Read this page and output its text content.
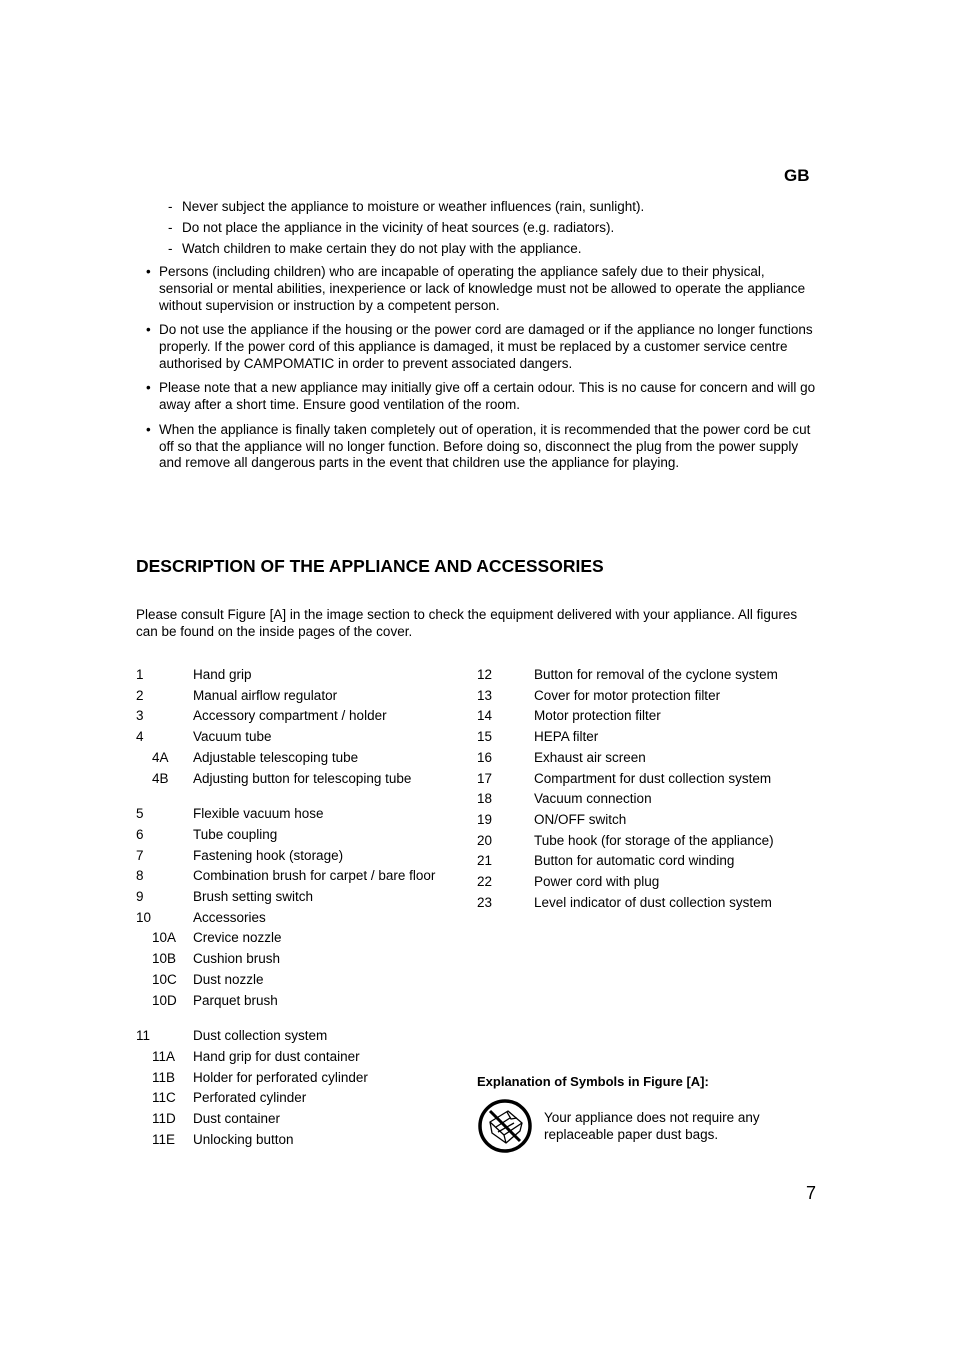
GB
- Never subject the appliance to moisture or weather influences (rain, sunlight).
- Do not place the appliance in the vicinity of heat sources (e.g. radiators).
- Watch children to make certain they do not play with the appliance.
• Persons (including children) who are incapable of operating the appliance safely due to their physical, sensorial or mental abilities, inexperience or lack of knowledge must not be allowed to operate the appliance without supervision or instruction by a competent person.
• Do not use the appliance if the housing or the power cord are damaged or if the appliance no longer functions properly. If the power cord of this appliance is damaged, it must be replaced by a customer service centre authorised by CAMPOMATIC in order to prevent associated dangers.
• Please note that a new appliance may initially give off a certain odour. This is no cause for concern and will go away after a short time. Ensure good ventilation of the room.
• When the appliance is finally taken completely out of operation, it is recommended that the power cord be cut off so that the appliance will no longer function. Before doing so, disconnect the plug from the power supply and remove all dangerous parts in the event that children use the appliance for playing.
DESCRIPTION OF THE APPLIANCE AND ACCESSORIES
Please consult Figure [A] in the image section to check the equipment delivered with your appliance. All figures can be found on the inside pages of the cover.
1	Hand grip
2	Manual airflow regulator
3	Accessory compartment / holder
4	Vacuum tube
4A	Adjustable telescoping tube
4B	Adjusting button for telescoping tube
5	Flexible vacuum hose
6	Tube coupling
7	Fastening hook (storage)
8	Combination brush for carpet / bare floor
9	Brush setting switch
10	Accessories
10A	Crevice nozzle
10B	Cushion brush
10C	Dust nozzle
10D	Parquet brush
11	Dust collection system
11A	Hand grip for dust container
11B	Holder for perforated cylinder
11C	Perforated cylinder
11D	Dust container
11E	Unlocking button
12	Button for removal of the cyclone system
13	Cover for motor protection filter
14	Motor protection filter
15	HEPA filter
16	Exhaust air screen
17	Compartment for dust collection system
18	Vacuum connection
19	ON/OFF switch
20	Tube hook (for storage of the appliance)
21	Button for automatic cord winding
22	Power cord with plug
23	Level indicator of dust collection system
Explanation of Symbols in Figure [A]:
Your appliance does not require any replaceable paper dust bags.
7
